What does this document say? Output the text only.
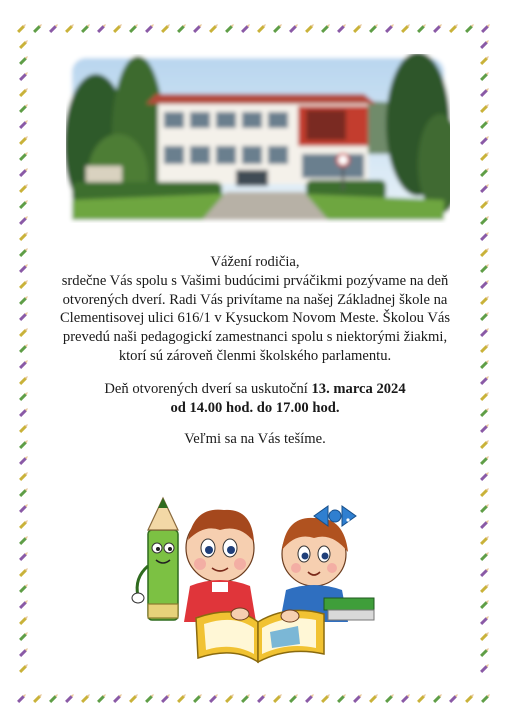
Vážení rodičia,

srdečne Vás spolu s Vašimi budúcimi prváčikmi pozývame na deň

otvorených dverí. Radi Vás privítame na našej Základnej škole na

Clementisovej ulici 616/1 v Kysuckom Novom Meste. Školou Vás

prevedú naši pedagogickí zamestnanci spolu s niektorými žiakmi,

ktorí sú zároveň členmi školského parlamentu.

Deň otvorených dverí sa uskutoční 13. marca 2024

od 14.00 hod. do 17.00 hod.

Veľmi sa na Vás tešíme.
